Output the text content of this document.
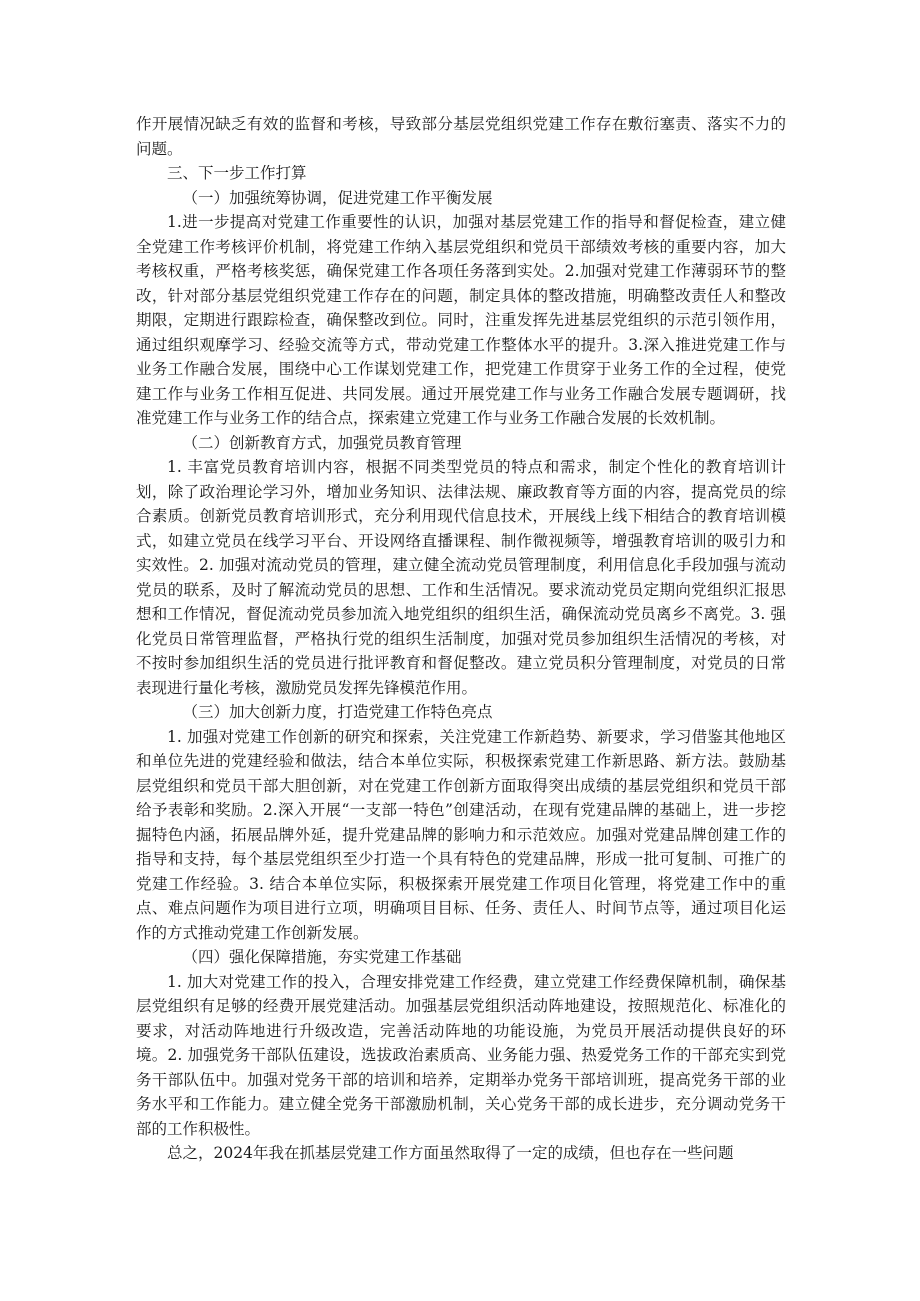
作开展情况缺乏有效的监督和考核，导致部分基层党组织党建工作存在敷衍塞责、落实不力的问题。

三、下一步工作打算

（一）加强统筹协调，促进党建工作平衡发展

1.进一步提高对党建工作重要性的认识，加强对基层党建工作的指导和督促检查，建立健全党建工作考核评价机制，将党建工作纳入基层党组织和党员干部绩效考核的重要内容，加大考核权重，严格考核奖惩，确保党建工作各项任务落到实处。2.加强对党建工作薄弱环节的整改，针对部分基层党组织党建工作存在的问题，制定具体的整改措施，明确整改责任人和整改期限，定期进行跟踪检查，确保整改到位。同时，注重发挥先进基层党组织的示范引领作用，通过组织观摩学习、经验交流等方式，带动党建工作整体水平的提升。3.深入推进党建工作与业务工作融合发展，围绕中心工作谋划党建工作，把党建工作贯穿于业务工作的全过程，使党建工作与业务工作相互促进、共同发展。通过开展党建工作与业务工作融合发展专题调研，找准党建工作与业务工作的结合点，探索建立党建工作与业务工作融合发展的长效机制。

（二）创新教育方式，加强党员教育管理

1. 丰富党员教育培训内容，根据不同类型党员的特点和需求，制定个性化的教育培训计划，除了政治理论学习外，增加业务知识、法律法规、廉政教育等方面的内容，提高党员的综合素质。创新党员教育培训形式，充分利用现代信息技术，开展线上线下相结合的教育培训模式，如建立党员在线学习平台、开设网络直播课程、制作微视频等，增强教育培训的吸引力和实效性。2. 加强对流动党员的管理，建立健全流动党员管理制度，利用信息化手段加强与流动党员的联系，及时了解流动党员的思想、工作和生活情况。要求流动党员定期向党组织汇报思想和工作情况，督促流动党员参加流入地党组织的组织生活，确保流动党员离乡不离党。3. 强化党员日常管理监督，严格执行党的组织生活制度，加强对党员参加组织生活情况的考核，对不按时参加组织生活的党员进行批评教育和督促整改。建立党员积分管理制度，对党员的日常表现进行量化考核，激励党员发挥先锋模范作用。

（三）加大创新力度，打造党建工作特色亮点

1. 加强对党建工作创新的研究和探索，关注党建工作新趋势、新要求，学习借鉴其他地区和单位先进的党建经验和做法，结合本单位实际，积极探索党建工作新思路、新方法。鼓励基层党组织和党员干部大胆创新，对在党建工作创新方面取得突出成绩的基层党组织和党员干部给予表彰和奖励。2.深入开展“一支部一特色”创建活动，在现有党建品牌的基础上，进一步挖掘特色内涵，拓展品牌外延，提升党建品牌的影响力和示范效应。加强对党建品牌创建工作的指导和支持，每个基层党组织至少打造一个具有特色的党建品牌，形成一批可复制、可推广的党建工作经验。3. 结合本单位实际，积极探索开展党建工作项目化管理，将党建工作中的重点、难点问题作为项目进行立项，明确项目目标、任务、责任人、时间节点等，通过项目化运作的方式推动党建工作创新发展。

（四）强化保障措施，夯实党建工作基础

1. 加大对党建工作的投入，合理安排党建工作经费，建立党建工作经费保障机制，确保基层党组织有足够的经费开展党建活动。加强基层党组织活动阵地建设，按照规范化、标准化的要求，对活动阵地进行升级改造，完善活动阵地的功能设施，为党员开展活动提供良好的环境。2. 加强党务干部队伍建设，选拔政治素质高、业务能力强、热爱党务工作的干部充实到党务干部队伍中。加强对党务干部的培训和培养，定期举办党务干部培训班，提高党务干部的业务水平和工作能力。建立健全党务干部激励机制，关心党务干部的成长进步，充分调动党务干部的工作积极性。

总之，2024年我在抓基层党建工作方面虽然取得了一定的成绩，但也存在一些问题
